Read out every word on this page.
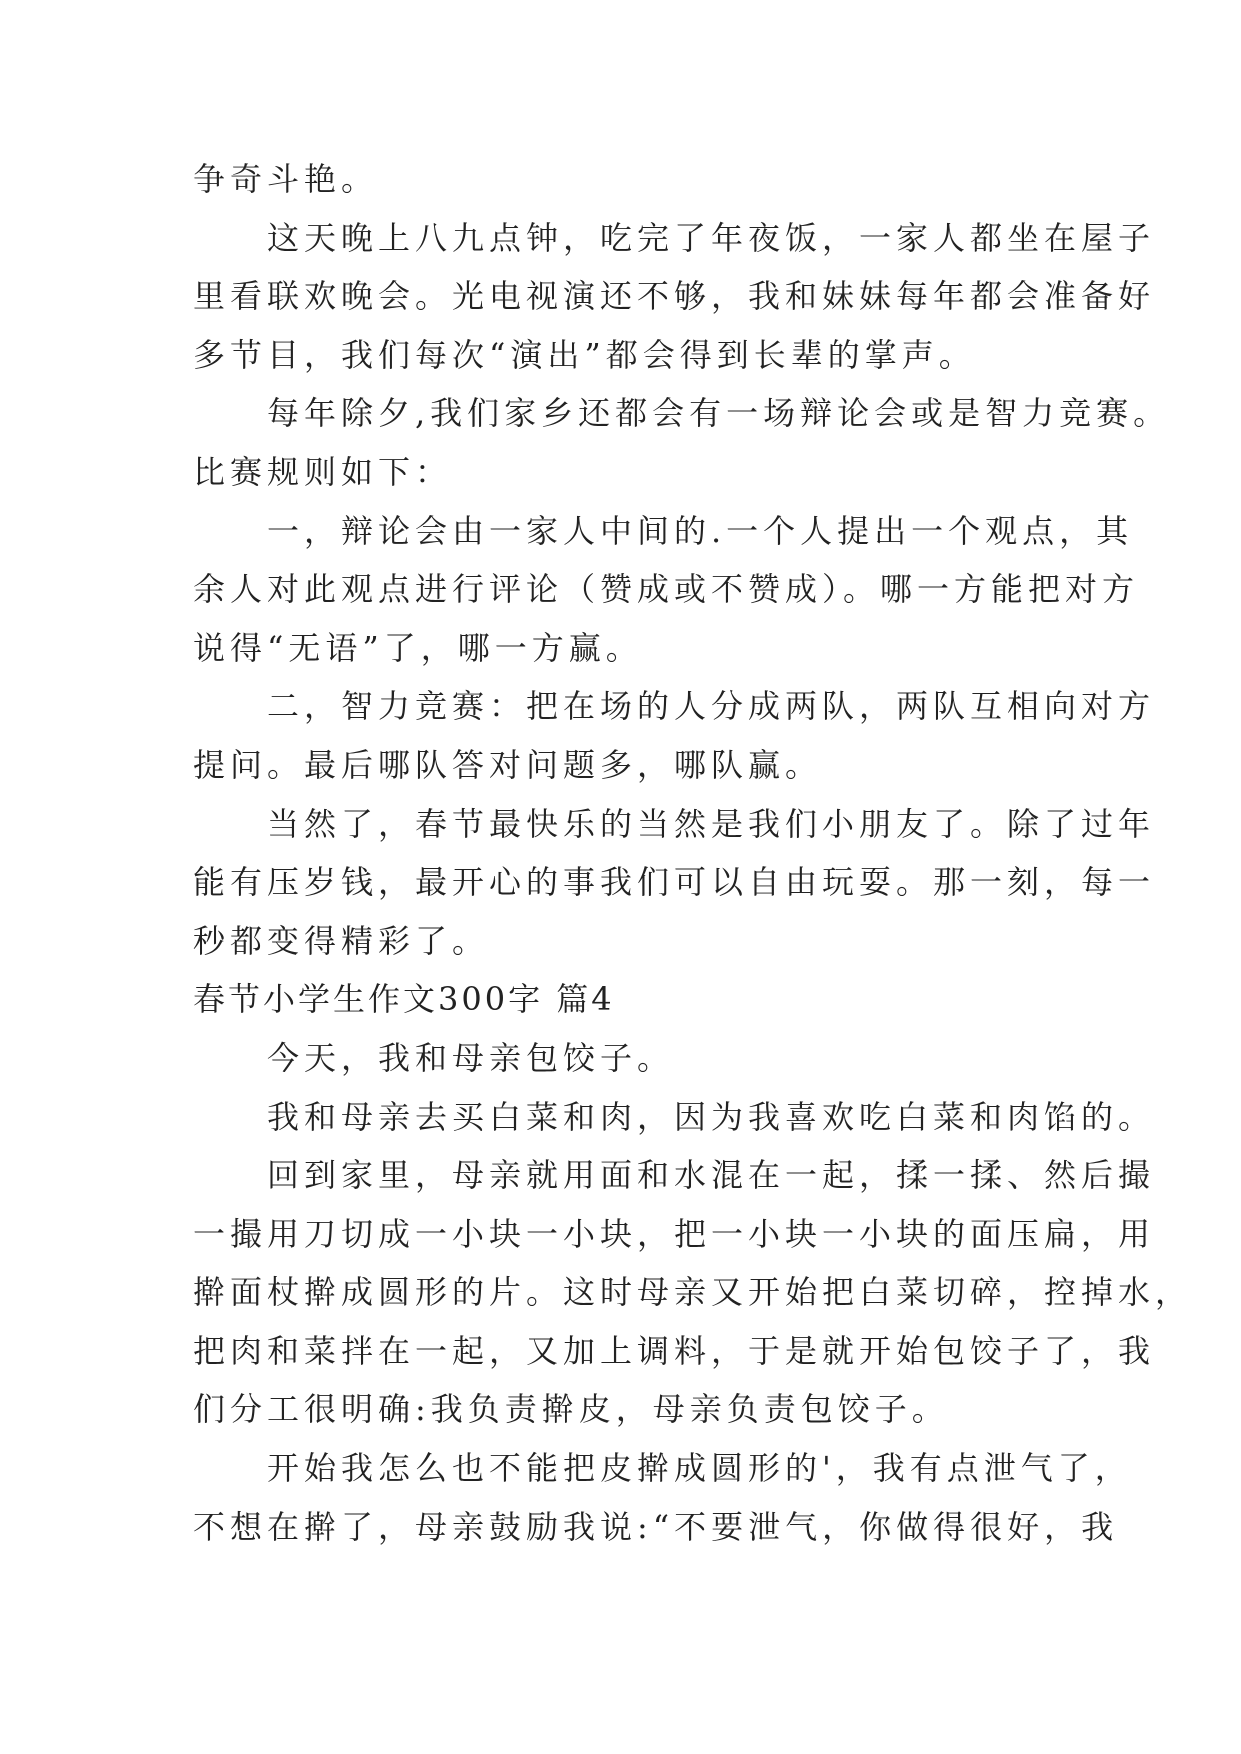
争奇斗艳。
这天晚上八九点钟，吃完了年夜饭，一家人都坐在屋子
里看联欢晚会。光电视演还不够，我和妹妹每年都会准备好
多节目，我们每次“演出”都会得到长辈的掌声。
每年除夕,我们家乡还都会有一场辩论会或是智力竞赛。
比赛规则如下：
一，辩论会由一家人中间的.一个人提出一个观点，其
余人对此观点进行评论（赞成或不赞成）。哪一方能把对方
说得“无语”了，哪一方赢。
二，智力竞赛：把在场的人分成两队，两队互相向对方
提问。最后哪队答对问题多，哪队赢。
当然了，春节最快乐的当然是我们小朋友了。除了过年
能有压岁钱，最开心的事我们可以自由玩耍。那一刻，每一
秒都变得精彩了。
春节小学生作文300字 篇4
今天，我和母亲包饺子。
我和母亲去买白菜和肉，因为我喜欢吃白菜和肉馅的。
回到家里，母亲就用面和水混在一起，揉一揉、然后撮
一撮用刀切成一小块一小块，把一小块一小块的面压扁，用
擀面杖擀成圆形的片。这时母亲又开始把白菜切碎，控掉水，
把肉和菜拌在一起，又加上调料，于是就开始包饺子了，我
们分工很明确:我负责擀皮，母亲负责包饺子。
开始我怎么也不能把皮擀成圆形的'，我有点泄气了，
不想在擀了，母亲鼓励我说:“不要泄气，你做得很好，我
